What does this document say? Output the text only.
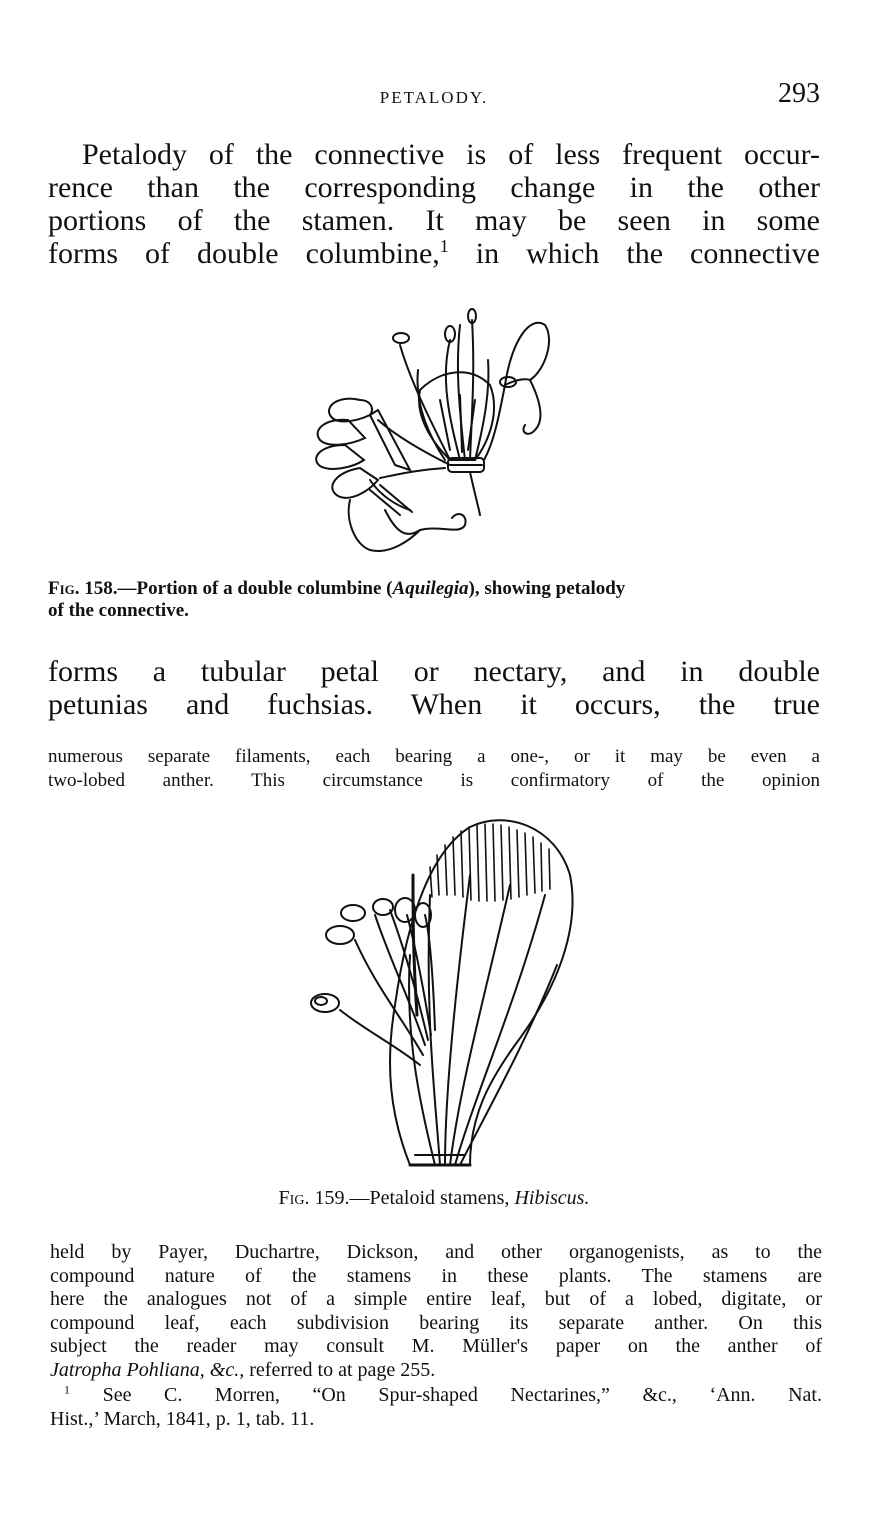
PETALODY.	293

Petalody of the connective is of less frequent occur-
rence than the corresponding change in the other
portions of the stamen. It may be seen in some
forms of double columbine,$^1$ in which the connective

Fig. 158.—Portion of a double columbine (Aquilegia), showing petalody
of the connective.

forms a tubular petal or nectary, and in double
petunias and fuchsias. When it occurs, the true

numerous separate filaments, each bearing a one-, or it may be even a
two-lobed anther. This circumstance is confirmatory of the opinion

Fig. 159.—Petaloid stamens, Hibiscus.

held by Payer, Duchartre, Dickson, and other organogenists, as to the
compound nature of the stamens in these plants. The stamens are
here the analogues not of a simple entire leaf, but of a lobed, digitate, or
compound leaf, each subdivision bearing its separate anther. On this
subject the reader may consult M. Müller's paper on the anther of
Jatropha Pohliana, &c., referred to at page 255.

$^1$ See C. Morren, “On Spur-shaped Nectarines,” &c., ‘Ann. Nat.
Hist.,’ March, 1841, p. 1, tab. 11.
